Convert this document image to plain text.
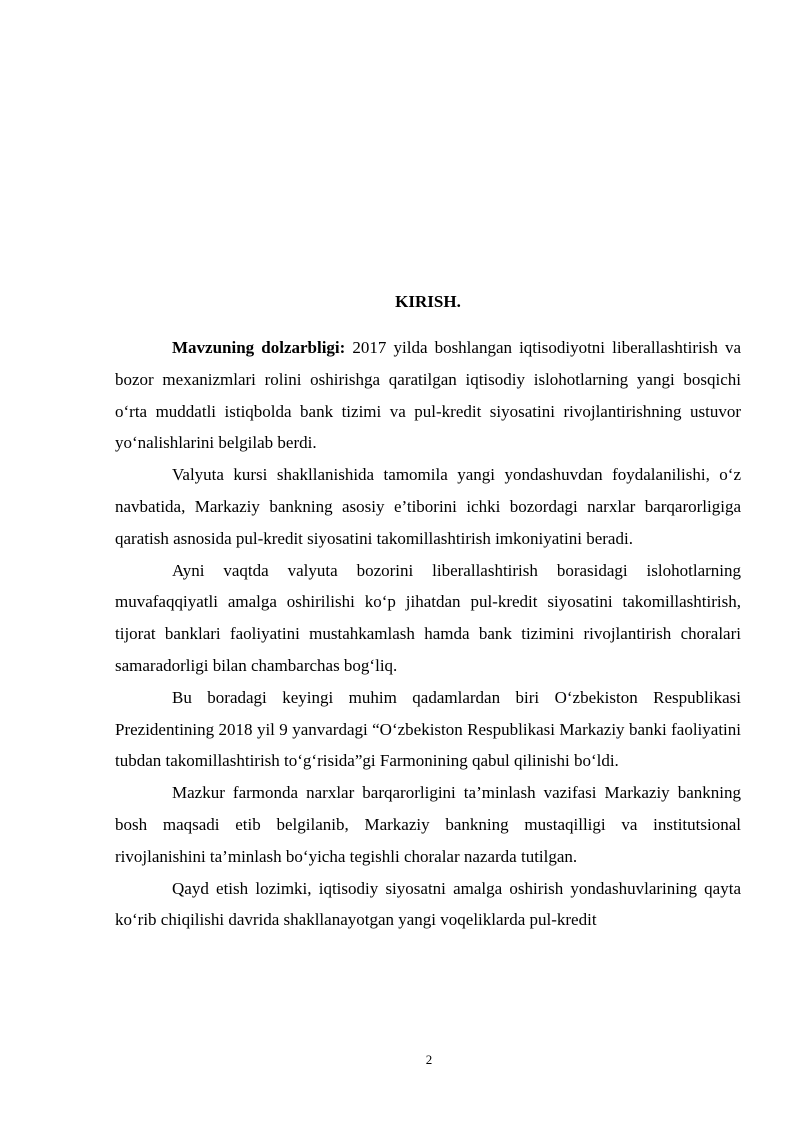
KIRISH.

Mavzuning dolzarbligi: 2017 yilda boshlangan iqtisodiyotni liberallashtirish va bozor mexanizmlari rolini oshirishga qaratilgan iqtisodiy islohotlarning yangi bosqichi o‘rta muddatli istiqbolda bank tizimi va pul-kredit siyosatini rivojlantirishning ustuvor yo‘nalishlarini belgilab berdi.

Valyuta kursi shakllanishida tamomila yangi yondashuvdan foydalanilishi, o‘z navbatida, Markaziy bankning asosiy e’tiborini ichki bozordagi narxlar barqarorligiga qaratish asnosida pul-kredit siyosatini takomillashtirish imkoniyatini beradi.

Ayni vaqtda valyuta bozorini liberallashtirish borasidagi islohotlarning muvafaqqiyatli amalga oshirilishi ko‘p jihatdan pul-kredit siyosatini takomillashtirish, tijorat banklari faoliyatini mustahkamlash hamda bank tizimini rivojlantirish choralari samaradorligi bilan chambarchas bog‘liq.

Bu boradagi keyingi muhim qadamlardan biri O‘zbekiston Respublikasi Prezidentining 2018 yil 9 yanvardagi “O‘zbekiston Respublikasi Markaziy banki faoliyatini tubdan takomillashtirish to‘g‘risida”gi Farmonining qabul qilinishi bo‘ldi.

Mazkur farmonda narxlar barqarorligini ta’minlash vazifasi Markaziy bankning bosh maqsadi etib belgilanib, Markaziy bankning mustaqilligi va institutsional rivojlanishini ta’minlash bo‘yicha tegishli choralar nazarda tutilgan.

Qayd etish lozimki, iqtisodiy siyosatni amalga oshirish yondashuvlarining qayta ko‘rib chiqilishi davrida shakllanayotgan yangi voqeliklarda pul-kredit

2
